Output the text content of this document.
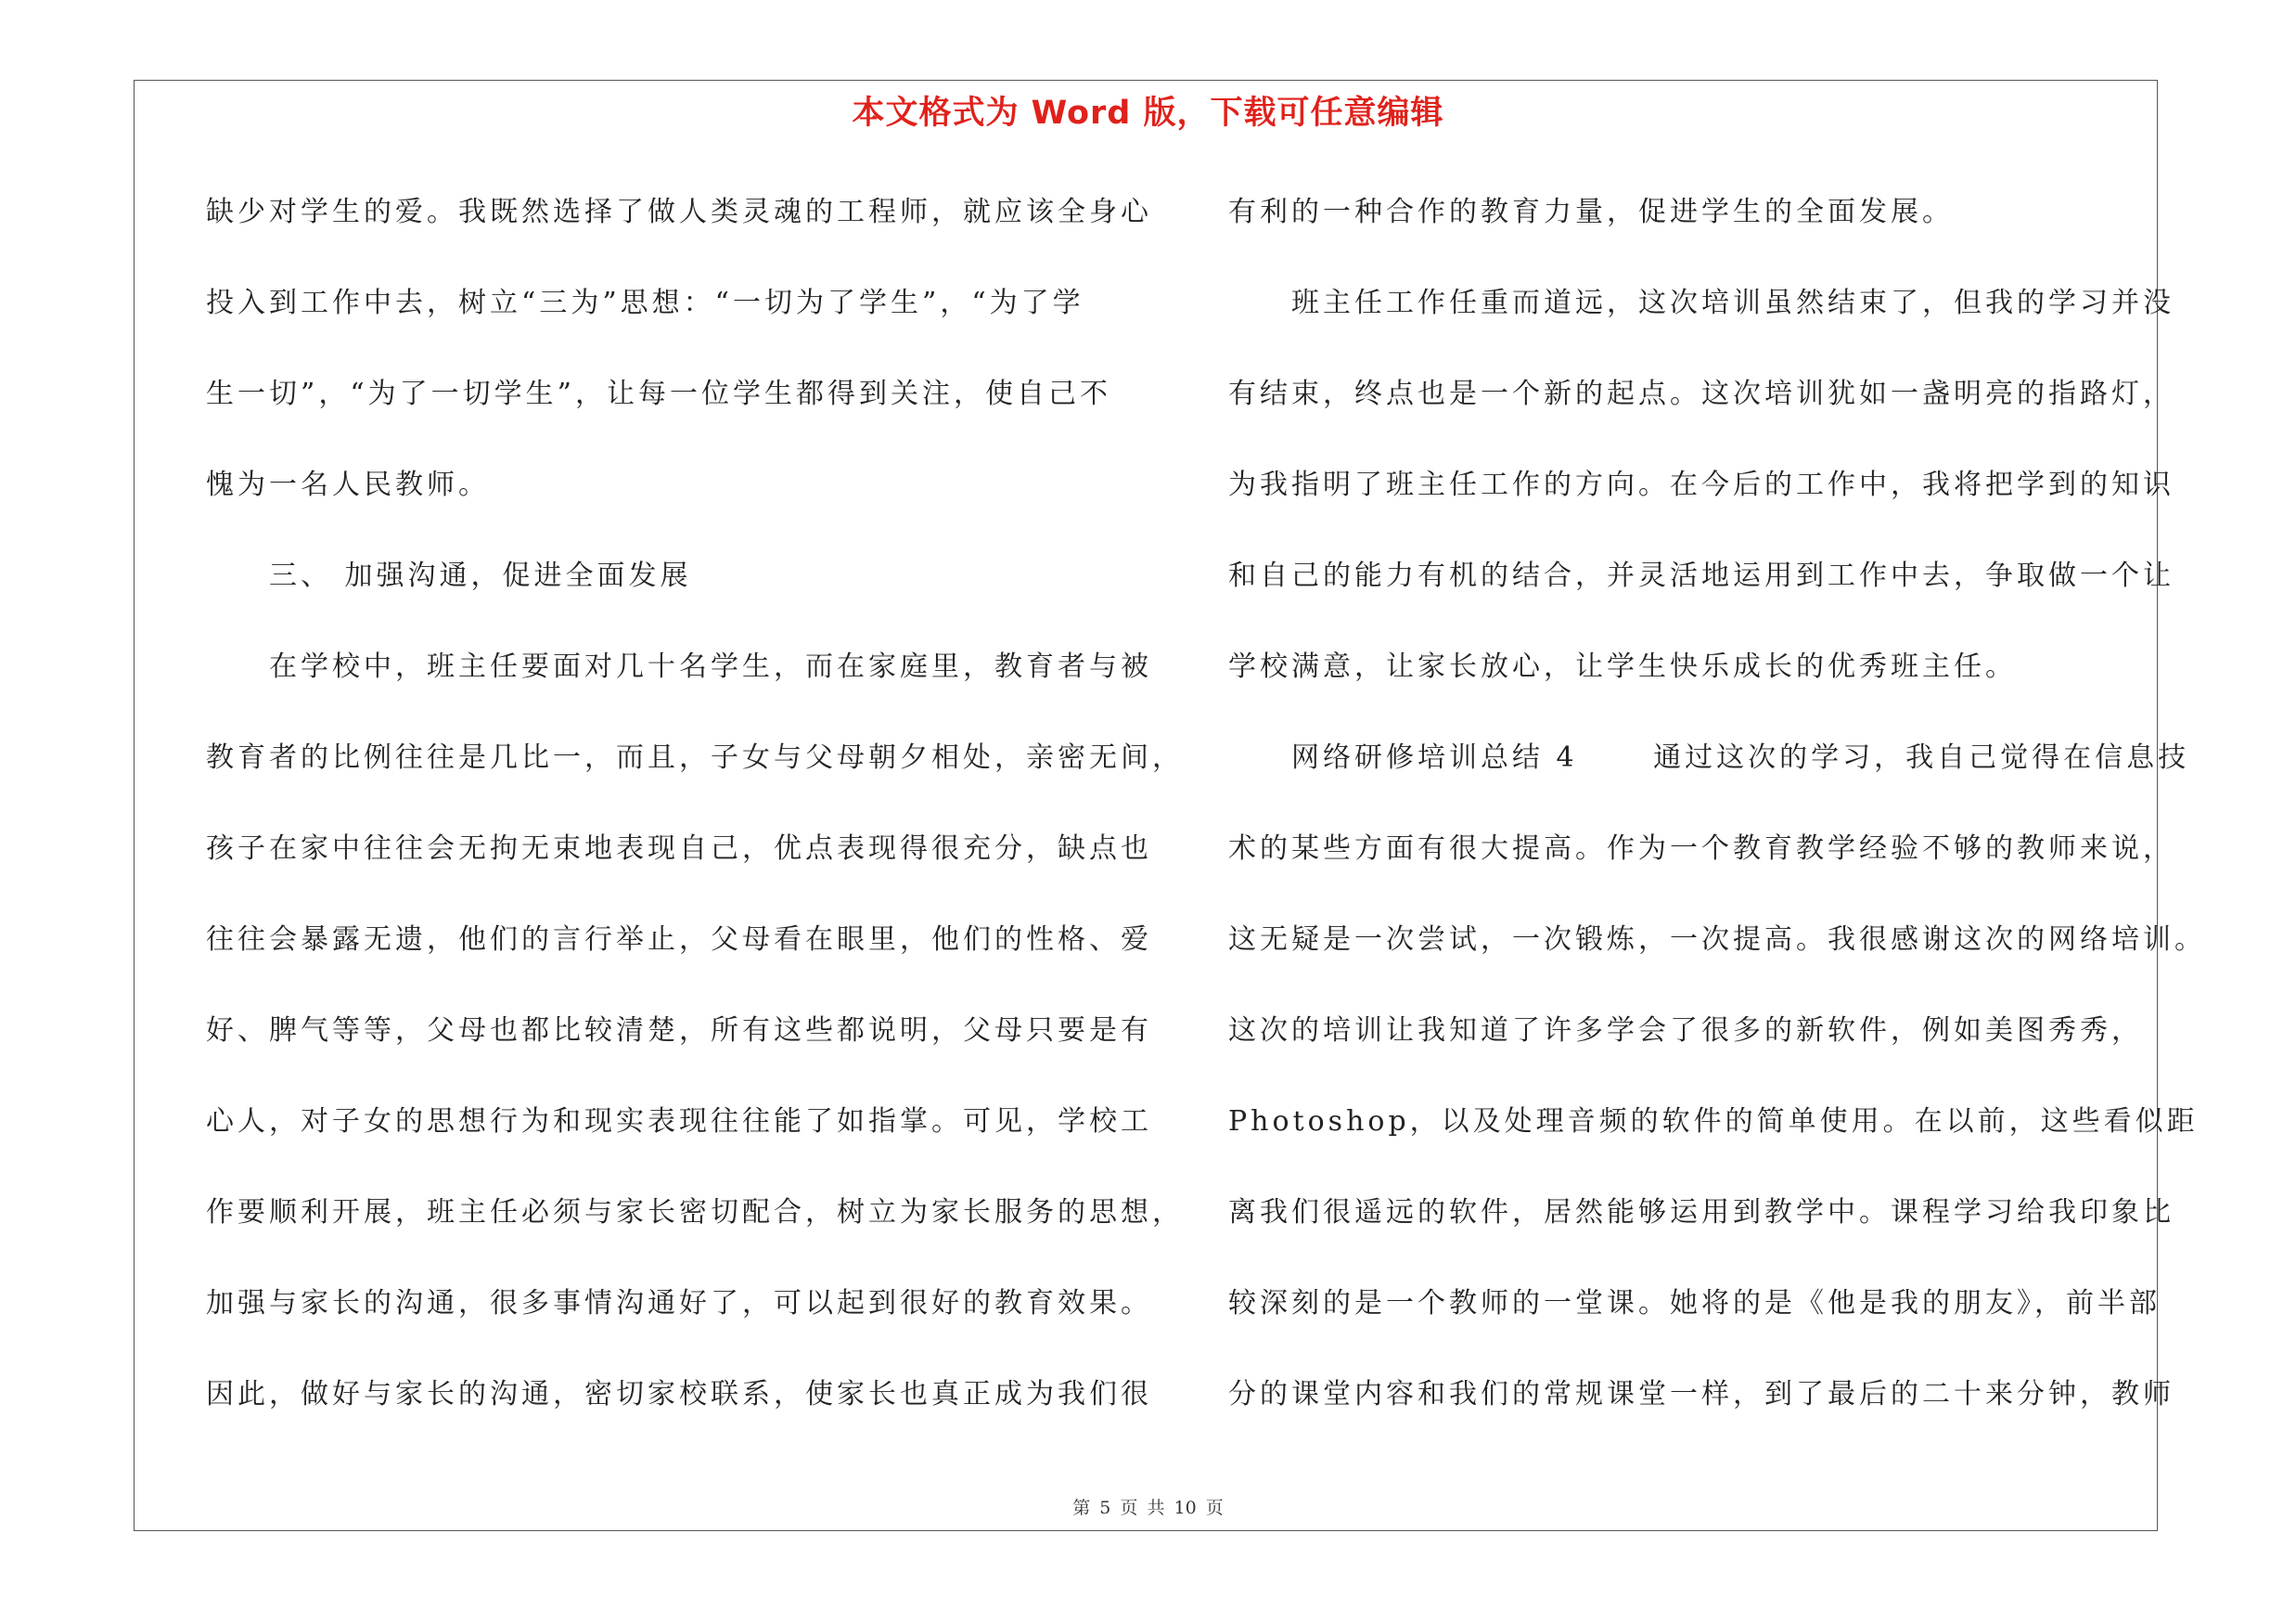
本文格式为 Word 版，下载可任意编辑
缺少对学生的爱。我既然选择了做人类灵魂的工程师，就应该全身心
投入到工作中去，树立“三为”思想：“一切为了学生”，“为了学
生一切”，“为了一切学生”，让每一位学生都得到关注，使自己不
愧为一名人民教师。
　　三、 加强沟通，促进全面发展
　　在学校中，班主任要面对几十名学生，而在家庭里，教育者与被
教育者的比例往往是几比一，而且，子女与父母朝夕相处，亲密无间，
孩子在家中往往会无拘无束地表现自己，优点表现得很充分，缺点也
往往会暴露无遗，他们的言行举止，父母看在眼里，他们的性格、爱
好、脾气等等，父母也都比较清楚，所有这些都说明，父母只要是有
心人，对子女的思想行为和现实表现往往能了如指掌。可见，学校工
作要顺利开展，班主任必须与家长密切配合，树立为家长服务的思想，
加强与家长的沟通，很多事情沟通好了，可以起到很好的教育效果。
因此，做好与家长的沟通，密切家校联系，使家长也真正成为我们很
有利的一种合作的教育力量，促进学生的全面发展。
　　班主任工作任重而道远，这次培训虽然结束了，但我的学习并没
有结束，终点也是一个新的起点。这次培训犹如一盏明亮的指路灯，
为我指明了班主任工作的方向。在今后的工作中，我将把学到的知识
和自己的能力有机的结合，并灵活地运用到工作中去，争取做一个让
学校满意，让家长放心，让学生快乐成长的优秀班主任。
　　网络研修培训总结 4 　　通过这次的学习，我自己觉得在信息技
术的某些方面有很大提高。作为一个教育教学经验不够的教师来说，
这无疑是一次尝试，一次锻炼，一次提高。我很感谢这次的网络培训。
这次的培训让我知道了许多学会了很多的新软件，例如美图秀秀，
Photoshop，以及处理音频的软件的简单使用。在以前，这些看似距
离我们很遥远的软件，居然能够运用到教学中。课程学习给我印象比
较深刻的是一个教师的一堂课。她将的是《他是我的朋友》，前半部
分的课堂内容和我们的常规课堂一样，到了最后的二十来分钟，教师
第 5 页 共 10 页
